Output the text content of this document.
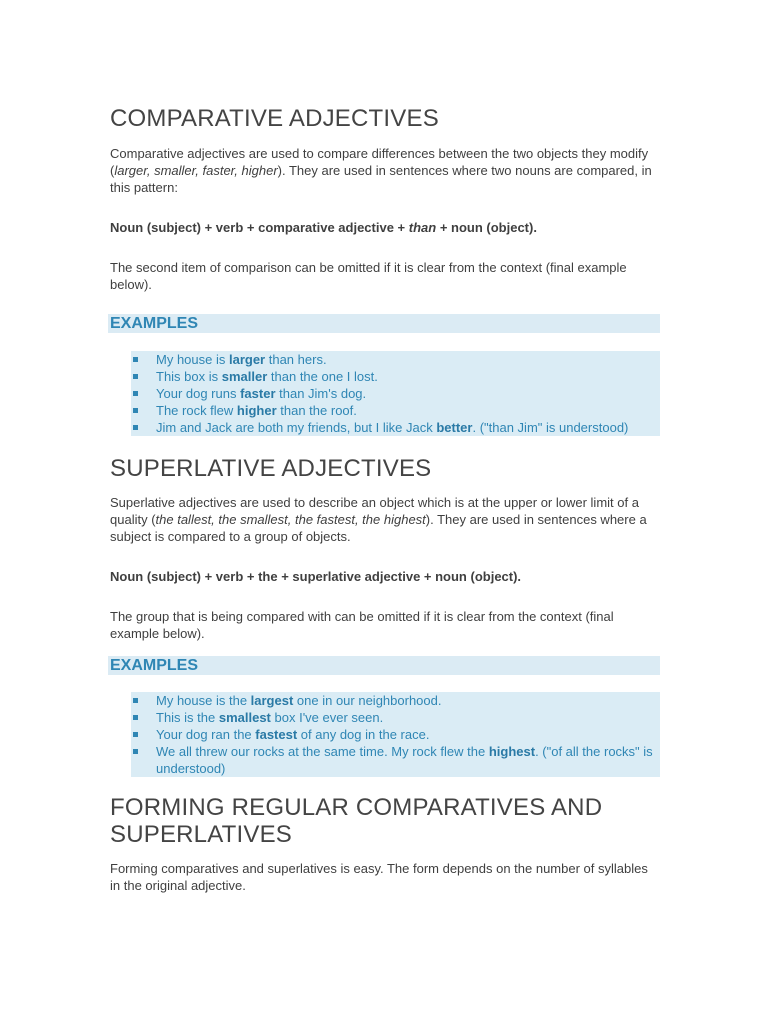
COMPARATIVE ADJECTIVES

Comparative adjectives are used to compare differences between the two objects they modify (larger, smaller, faster, higher). They are used in sentences where two nouns are compared, in this pattern:

Noun (subject) + verb + comparative adjective + than + noun (object).

The second item of comparison can be omitted if it is clear from the context (final example below).

EXAMPLES
My house is larger than hers.
This box is smaller than the one I lost.
Your dog runs faster than Jim's dog.
The rock flew higher than the roof.
Jim and Jack are both my friends, but I like Jack better. ("than Jim" is understood)
SUPERLATIVE ADJECTIVES

Superlative adjectives are used to describe an object which is at the upper or lower limit of a quality (the tallest, the smallest, the fastest, the highest). They are used in sentences where a subject is compared to a group of objects.

Noun (subject) + verb + the + superlative adjective + noun (object).

The group that is being compared with can be omitted if it is clear from the context (final example below).

EXAMPLES
My house is the largest one in our neighborhood.
This is the smallest box I've ever seen.
Your dog ran the fastest of any dog in the race.
We all threw our rocks at the same time. My rock flew the highest. ("of all the rocks" is understood)
FORMING REGULAR COMPARATIVES AND SUPERLATIVES

Forming comparatives and superlatives is easy. The form depends on the number of syllables in the original adjective.
